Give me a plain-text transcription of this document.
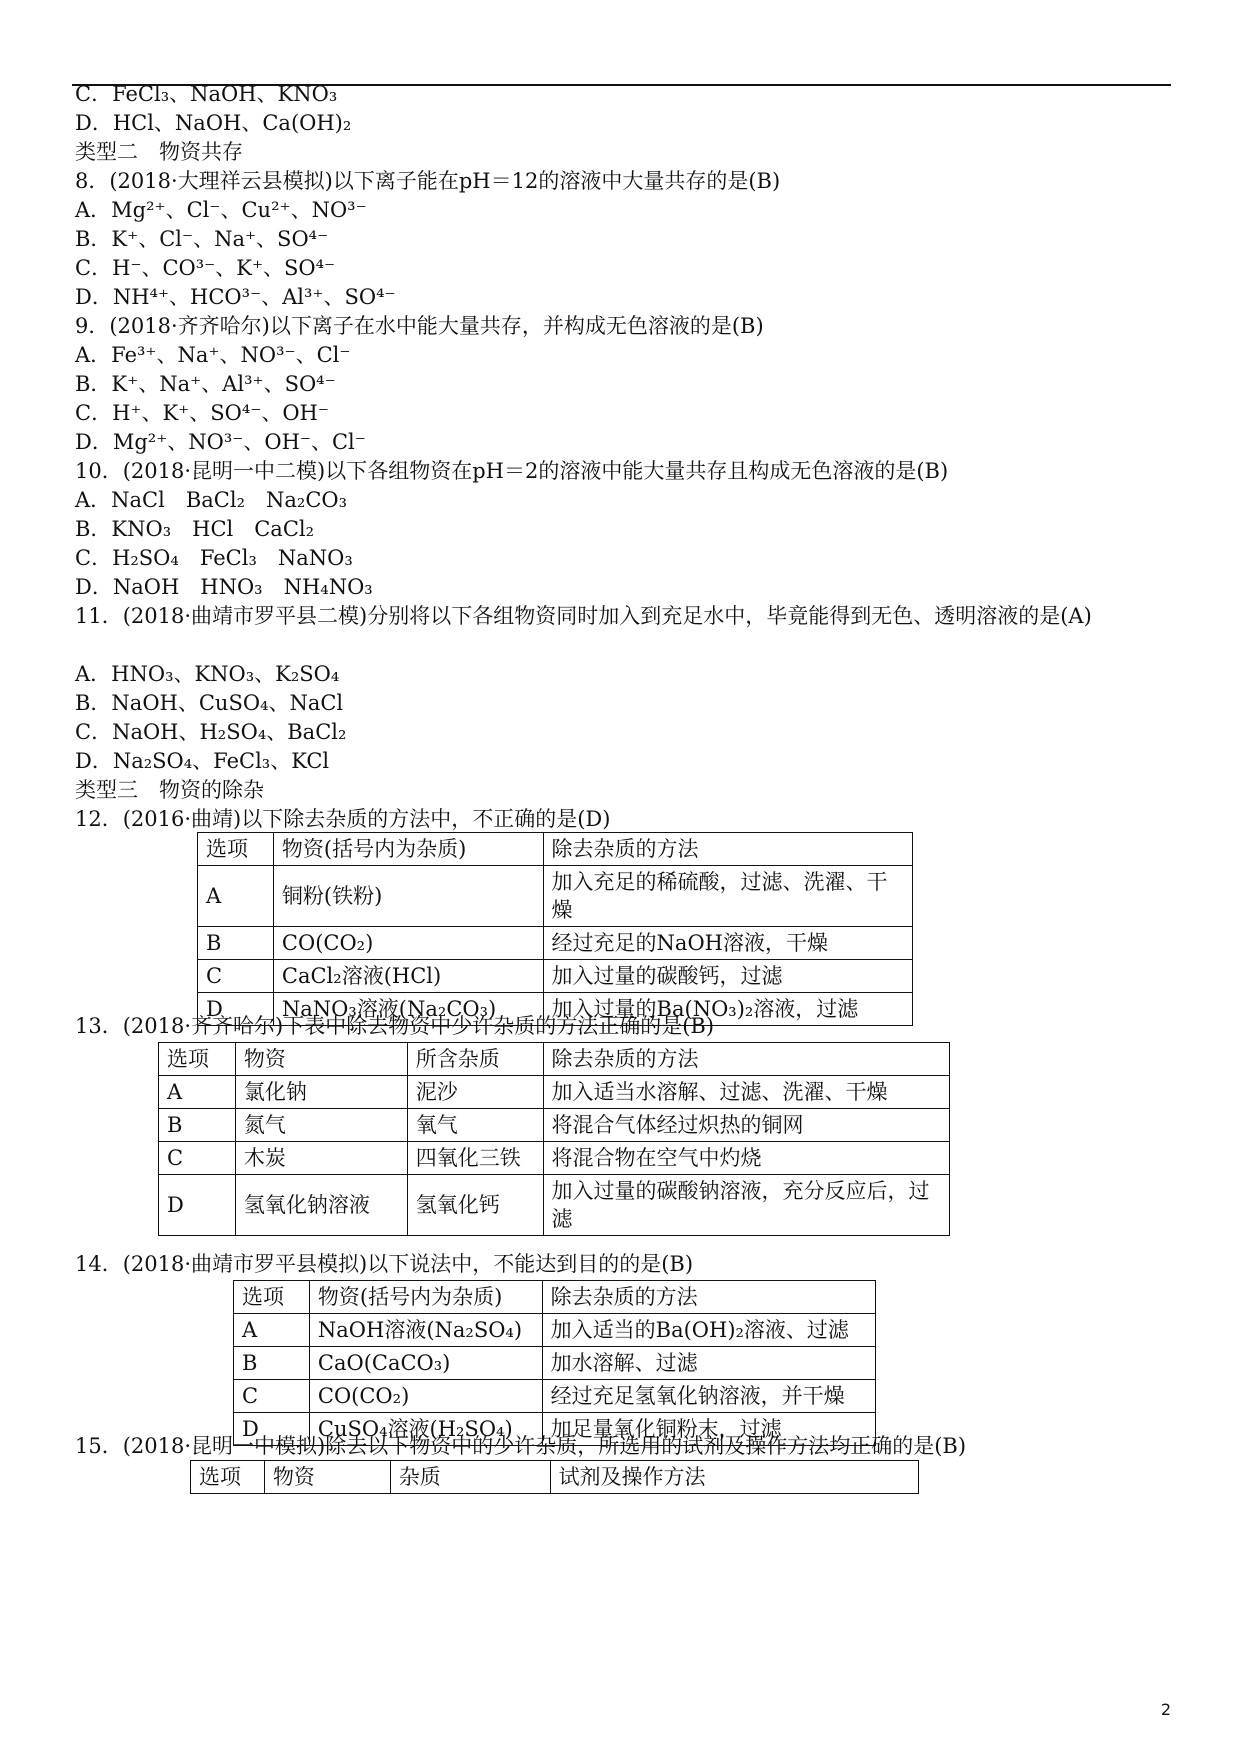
C．FeCl₃、NaOH、KNO₃
D．HCl、NaOH、Ca(OH)₂
类型二　物资共存
8．(2018·大理祥云县模拟)以下离子能在pH＝12的溶液中大量共存的是(B)
A．Mg²⁺、Cl⁻、Cu²⁺、NO³⁻
B．K⁺、Cl⁻、Na⁺、SO⁴⁻
C．H⁻、CO³⁻、K⁺、SO⁴⁻
D．NH⁴⁺、HCO³⁻、Al³⁺、SO⁴⁻
9．(2018·齐齐哈尔)以下离子在水中能大量共存，并构成无色溶液的是(B)
A．Fe³⁺、Na⁺、NO³⁻、Cl⁻
B．K⁺、Na⁺、Al³⁺、SO⁴⁻
C．H⁺、K⁺、SO⁴⁻、OH⁻
D．Mg²⁺、NO³⁻、OH⁻、Cl⁻
10．(2018·昆明一中二模)以下各组物资在pH＝2的溶液中能大量共存且构成无色溶液的是(B)
A．NaCl　BaCl₂　Na₂CO₃
B．KNO₃　HCl　CaCl₂
C．H₂SO₄　FeCl₃　NaNO₃
D．NaOH　HNO₃　NH₄NO₃
11．(2018·曲靖市罗平县二模)分别将以下各组物资同时加入到充足水中，毕竟能得到无色、透明溶液的是(A)
A．HNO₃、KNO₃、K₂SO₄
B．NaOH、CuSO₄、NaCl
C．NaOH、H₂SO₄、BaCl₂
D．Na₂SO₄、FeCl₃、KCl
类型三　物资的除杂
12．(2016·曲靖)以下除去杂质的方法中，不正确的是(D)
选项	物资(括号内为杂质)	除去杂质的方法
A	铜粉(铁粉)	加入充足的稀硫酸，过滤、洗濯、干燥
B	CO(CO₂)	经过充足的NaOH溶液，干燥
C	CaCl₂溶液(HCl)	加入过量的碳酸钙，过滤
D	NaNO₃溶液(Na₂CO₃)	加入过量的Ba(NO₃)₂溶液，过滤
13．(2018·齐齐哈尔)下表中除去物资中少许杂质的方法正确的是(B)
选项	物资	所含杂质	除去杂质的方法
A	氯化钠	泥沙	加入适当水溶解、过滤、洗濯、干燥
B	氮气	氧气	将混合气体经过炽热的铜网
C	木炭	四氧化三铁	将混合物在空气中灼烧
D	氢氧化钠溶液	氢氧化钙	加入过量的碳酸钠溶液，充分反应后，过滤
14．(2018·曲靖市罗平县模拟)以下说法中，不能达到目的的是(B)
选项	物资(括号内为杂质)	除去杂质的方法
A	NaOH溶液(Na₂SO₄)	加入适当的Ba(OH)₂溶液、过滤
B	CaO(CaCO₃)	加水溶解、过滤
C	CO(CO₂)	经过充足氢氧化钠溶液，并干燥
D	CuSO₄溶液(H₂SO₄)	加足量氧化铜粉末，过滤
15．(2018·昆明一中模拟)除去以下物资中的少许杂质，所选用的试剂及操作方法均正确的是(B)
选项	物资	杂质	试剂及操作方法
2
